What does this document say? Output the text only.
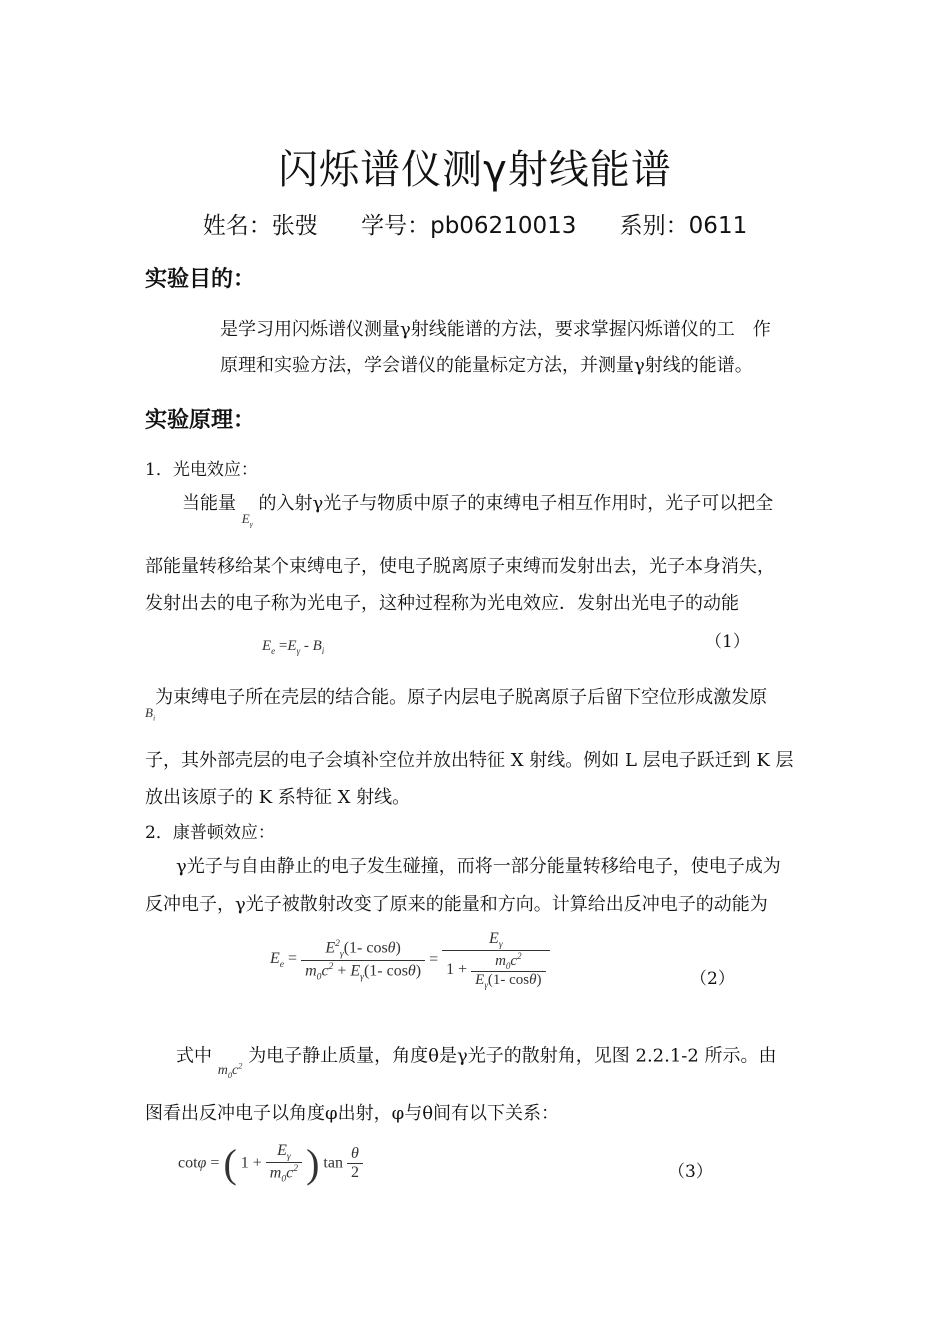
闪烁谱仪测γ射线能谱
姓名：张弢 学号：pb06210013 系别：0611
实验目的：
是学习用闪烁谱仪测量γ射线能谱的方法，要求掌握闪烁谱仪的工　作
原理和实验方法，学会谱仪的能量标定方法，并测量γ射线的能谱。
实验原理：
1．光电效应：
当能量 $_{E_\gamma}$ 的入射γ光子与物质中原子的束缚电子相互作用时，光子可以把全
部能量转移给某个束缚电子，使电子脱离原子束缚而发射出去，光子本身消失，
发射出去的电子称为光电子，这种过程称为光电效应．发射出光电子的动能
$E_e =E_\gamma - B_i$	（1）
$_{B_i}$为束缚电子所在壳层的结合能。原子内层电子脱离原子后留下空位形成激发原
子，其外部壳层的电子会填补空位并放出特征 X 射线。例如 L 层电子跃迁到 K 层
放出该原子的 K 系特征 X 射线。
2．康普顿效应：
γ光子与自由静止的电子发生碰撞，而将一部分能量转移给电子，使电子成为
反冲电子，γ光子被散射改变了原来的能量和方向。计算给出反冲电子的动能为
$E_e = \frac{E^2_\gamma(1- \cos\theta)}{m_0c^2 + E_\gamma(1- \cos\theta)} = \frac{E_\gamma}{1 + \frac{m_0c^2}{E_\gamma(1- \cos\theta)}}$	（2）
式中 $_{m_0c^2}$ 为电子静止质量，角度θ是γ光子的散射角，见图 2.2.1-2 所示。由
图看出反冲电子以角度φ出射，φ与θ间有以下关系：
cotφ = ( $1 + \frac{E_\gamma}{m_0c^2}$ ) $\tan \frac{\theta}{2}$	（3）
